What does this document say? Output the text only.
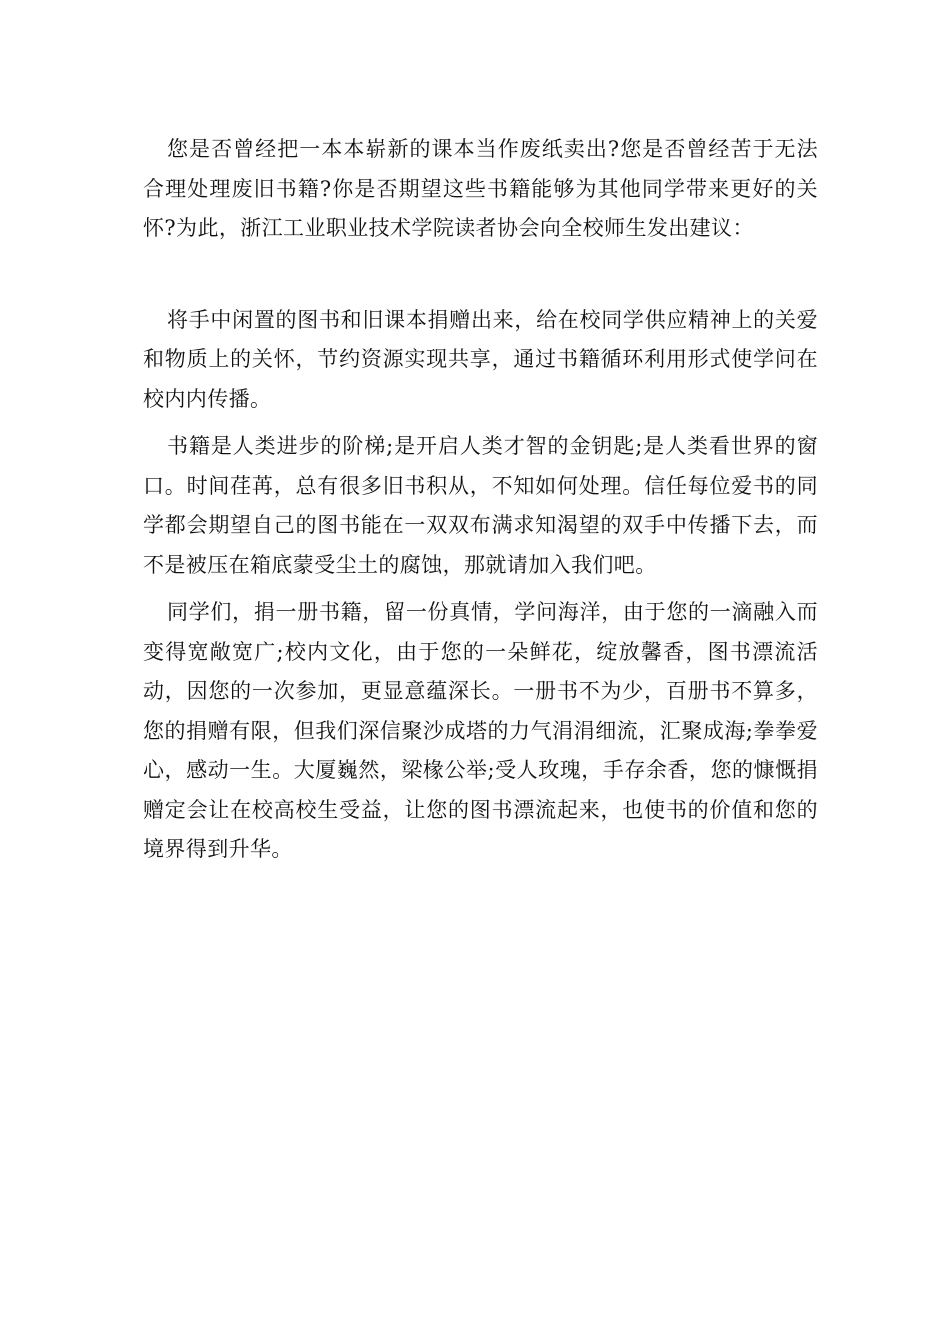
您是否曾经把一本本崭新的课本当作废纸卖出?您是否曾经苦于无法合理处理废旧书籍?你是否期望这些书籍能够为其他同学带来更好的关怀?为此，浙江工业职业技术学院读者协会向全校师生发出建议：

将手中闲置的图书和旧课本捐赠出来，给在校同学供应精神上的关爱和物质上的关怀，节约资源实现共享，通过书籍循环利用形式使学问在校内内传播。

书籍是人类进步的阶梯;是开启人类才智的金钥匙;是人类看世界的窗口。时间荏苒，总有很多旧书积从，不知如何处理。信任每位爱书的同学都会期望自己的图书能在一双双布满求知渴望的双手中传播下去，而不是被压在箱底蒙受尘土的腐蚀，那就请加入我们吧。

同学们，捐一册书籍，留一份真情，学问海洋，由于您的一滴融入而变得宽敞宽广;校内文化，由于您的一朵鲜花，绽放馨香，图书漂流活动，因您的一次参加，更显意蕴深长。一册书不为少，百册书不算多，您的捐赠有限，但我们深信聚沙成塔的力气涓涓细流，汇聚成海;拳拳爱心，感动一生。大厦巍然，梁椽公举;受人玫瑰，手存余香，您的慷慨捐赠定会让在校高校生受益，让您的图书漂流起来，也使书的价值和您的境界得到升华。
